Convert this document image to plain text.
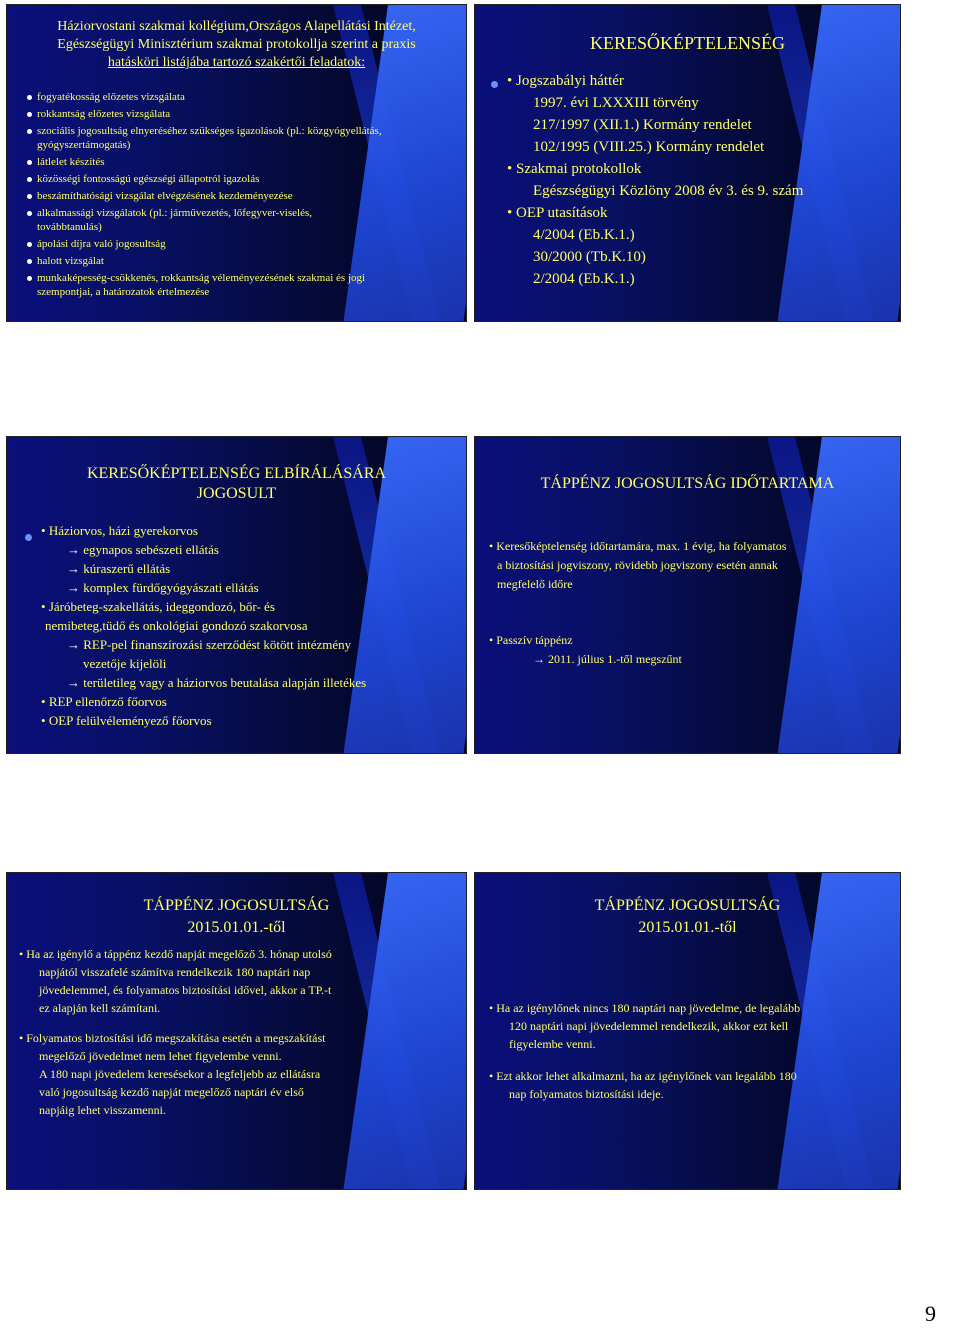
Háziorvostani szakmai kollégium,Országos Alapellátási Intézet,
Egészségügyi Minisztérium szakmai protokollja szerint a praxis
hatásköri listájába tartozó szakértői feladatok:
fogyatékosság előzetes vizsgálata
rokkantság előzetes vizsgálata
szociális jogosultság elnyeréséhez szükséges igazolások (pl.: közgyógyellátás,
gyógyszertámogatás)
látlelet készítés
közösségi fontosságú egészségi állapotról igazolás
beszámíthatósági vizsgálat elvégzésének kezdeményezése
alkalmassági vizsgálatok (pl.: járművezetés, lőfegyver-viselés,
továbbtanulás)
ápolási díjra való jogosultság
halott vizsgálat
munkaképesség-csökkenés, rokkantság véleményezésének szakmai és jogi
szempontjai, a határozatok értelmezése
KERESŐKÉPTELENSÉG
• Jogszabályi háttér
1997. évi LXXXIII törvény
217/1997 (XII.1.) Kormány rendelet
102/1995 (VIII.25.) Kormány rendelet
• Szakmai protokollok
Egészségügyi Közlöny 2008 év 3. és 9. szám
• OEP utasítások
4/2004 (Eb.K.1.)
30/2000 (Tb.K.10)
2/2004 (Eb.K.1.)
KERESŐKÉPTELENSÉG ELBÍRÁLÁSÁRA
JOGOSULT
• Háziorvos, házi gyerekorvos
→ egynapos sebészeti ellátás
→ kúraszerű ellátás
→ komplex fürdőgyógyászati ellátás
• Járóbeteg-szakellátás, ideggondozó, bőr- és
nemibeteg,tüdő és onkológiai gondozó szakorvosa
→ REP-pel finanszírozási szerződést kötött intézmény
vezetője kijelöli
→ területileg vagy a háziorvos beutalása alapján illetékes
• REP ellenőrző főorvos
• OEP felülvéleményező főorvos
TÁPPÉNZ JOGOSULTSÁG IDŐTARTAMA
• Keresőképtelenség időtartamára, max. 1 évig, ha folyamatos
a biztosítási jogviszony, rövidebb jogviszony esetén annak
megfelelő időre
• Passzív táppénz
→ 2011. július 1.-től megszűnt
TÁPPÉNZ JOGOSULTSÁG
2015.01.01.-től
• Ha az igénylő a táppénz kezdő napját megelőző 3. hónap utolsó
napjától visszafelé számítva rendelkezik 180 naptári nap
jövedelemmel, és folyamatos biztosítási idővel, akkor a TP.-t
ez alapján kell számítani.
• Folyamatos biztosítási idő megszakítása esetén a megszakítást
megelőző jövedelmet nem lehet figyelembe venni.
A 180 napi jövedelem keresésekor a legfeljebb az ellátásra
való jogosultság kezdő napját megelőző naptári év első
napjáig lehet visszamenni.
TÁPPÉNZ JOGOSULTSÁG
2015.01.01.-től
• Ha az igénylőnek nincs 180 naptári nap jövedelme, de legalább
120 naptári napi jövedelemmel rendelkezik, akkor ezt kell
figyelembe venni.
• Ezt akkor lehet alkalmazni, ha az igénylőnek van legalább 180
nap folyamatos biztosítási ideje.
9
